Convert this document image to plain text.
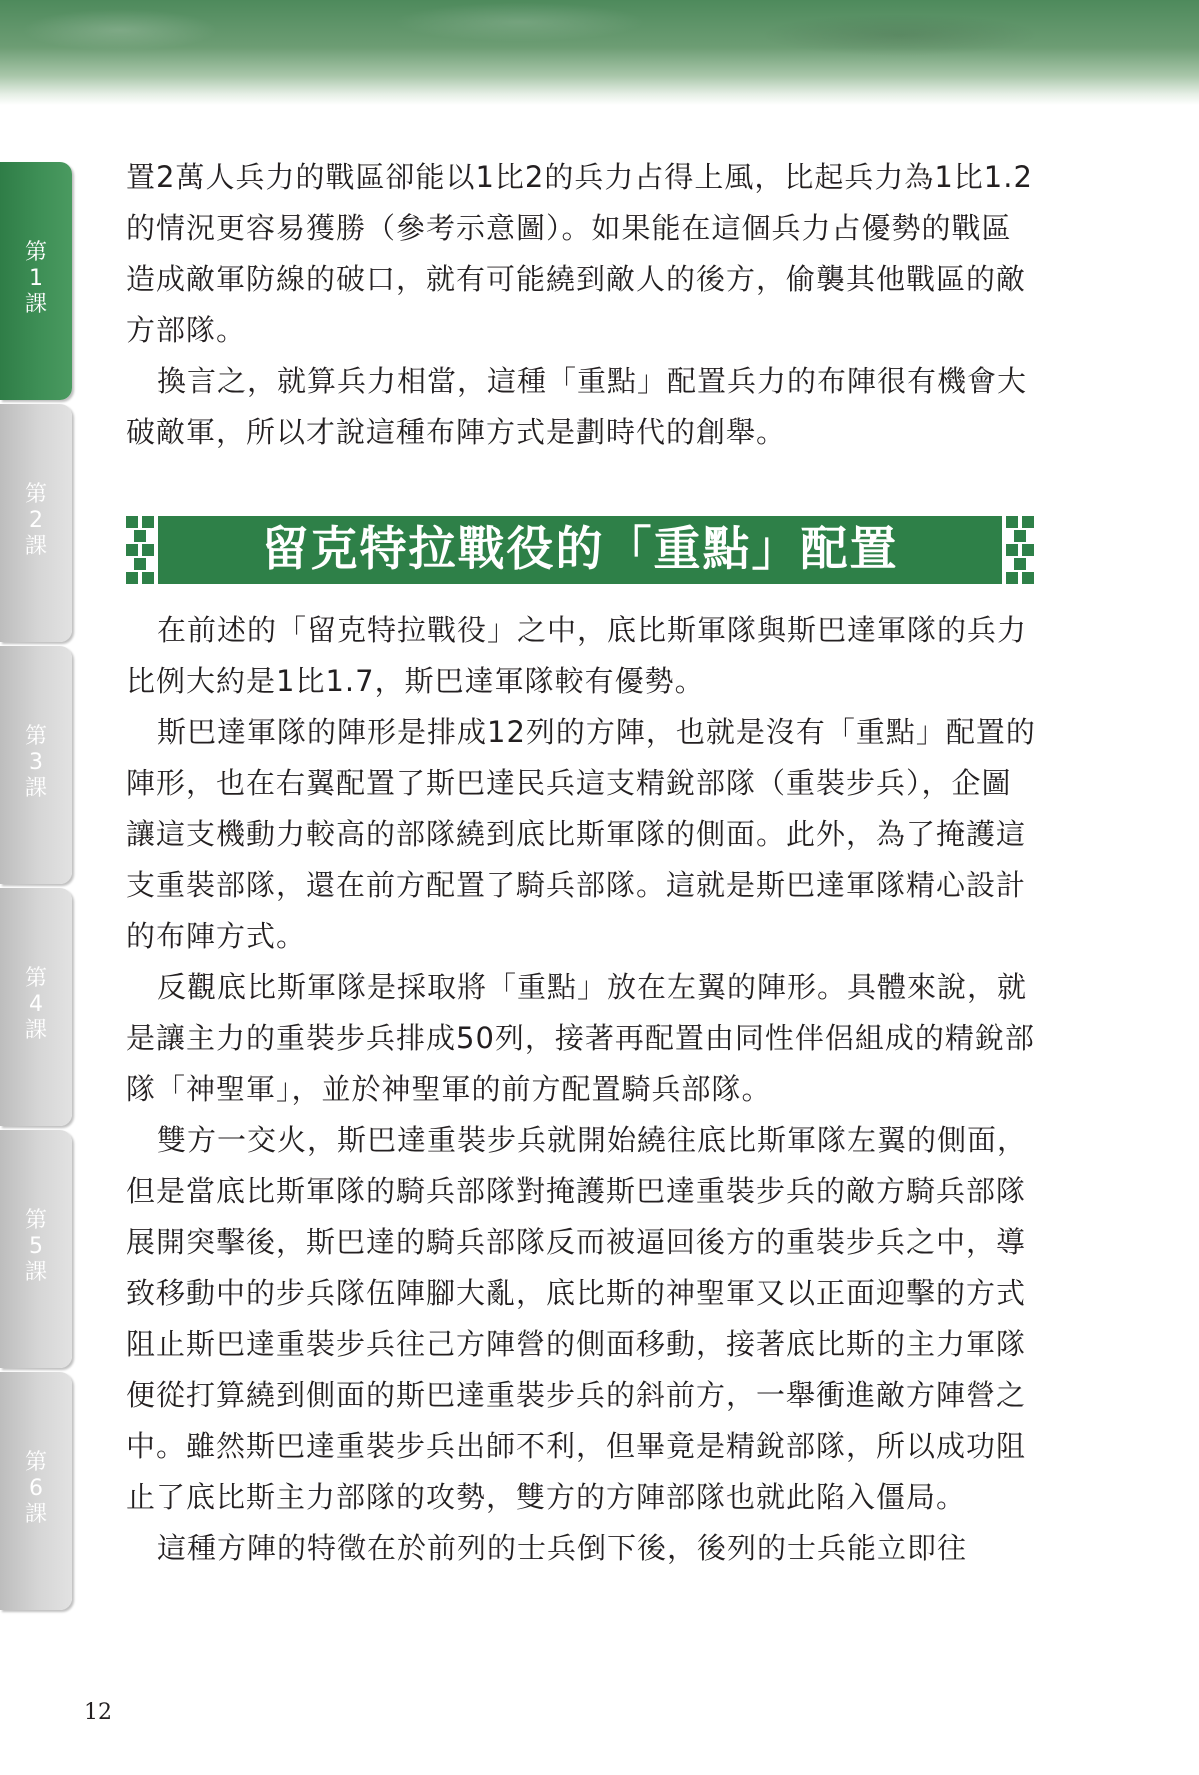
第
1
課
第
2
課
第
3
課
第
4
課
第
5
課
第
6
課

置2萬人兵力的戰區卻能以1比2的兵力占得上風，比起兵力為1比1.2的情況更容易獲勝（參考示意圖）。如果能在這個兵力占優勢的戰區造成敵軍防線的破口，就有可能繞到敵人的後方，偷襲其他戰區的敵方部隊。

換言之，就算兵力相當，這種「重點」配置兵力的布陣很有機會大破敵軍，所以才說這種布陣方式是劃時代的創舉。

留克特拉戰役的「重點」配置

在前述的「留克特拉戰役」之中，底比斯軍隊與斯巴達軍隊的兵力比例大約是1比1.7，斯巴達軍隊較有優勢。

斯巴達軍隊的陣形是排成12列的方陣，也就是沒有「重點」配置的陣形，也在右翼配置了斯巴達民兵這支精銳部隊（重裝步兵），企圖讓這支機動力較高的部隊繞到底比斯軍隊的側面。此外，為了掩護這支重裝部隊，還在前方配置了騎兵部隊。這就是斯巴達軍隊精心設計的布陣方式。

反觀底比斯軍隊是採取將「重點」放在左翼的陣形。具體來說，就是讓主力的重裝步兵排成50列，接著再配置由同性伴侶組成的精銳部隊「神聖軍」，並於神聖軍的前方配置騎兵部隊。

雙方一交火，斯巴達重裝步兵就開始繞往底比斯軍隊左翼的側面，但是當底比斯軍隊的騎兵部隊對掩護斯巴達重裝步兵的敵方騎兵部隊展開突擊後，斯巴達的騎兵部隊反而被逼回後方的重裝步兵之中，導致移動中的步兵隊伍陣腳大亂，底比斯的神聖軍又以正面迎擊的方式阻止斯巴達重裝步兵往己方陣營的側面移動，接著底比斯的主力軍隊便從打算繞到側面的斯巴達重裝步兵的斜前方，一舉衝進敵方陣營之中。雖然斯巴達重裝步兵出師不利，但畢竟是精銳部隊，所以成功阻止了底比斯主力部隊的攻勢，雙方的方陣部隊也就此陷入僵局。

這種方陣的特徵在於前列的士兵倒下後，後列的士兵能立即往

12
